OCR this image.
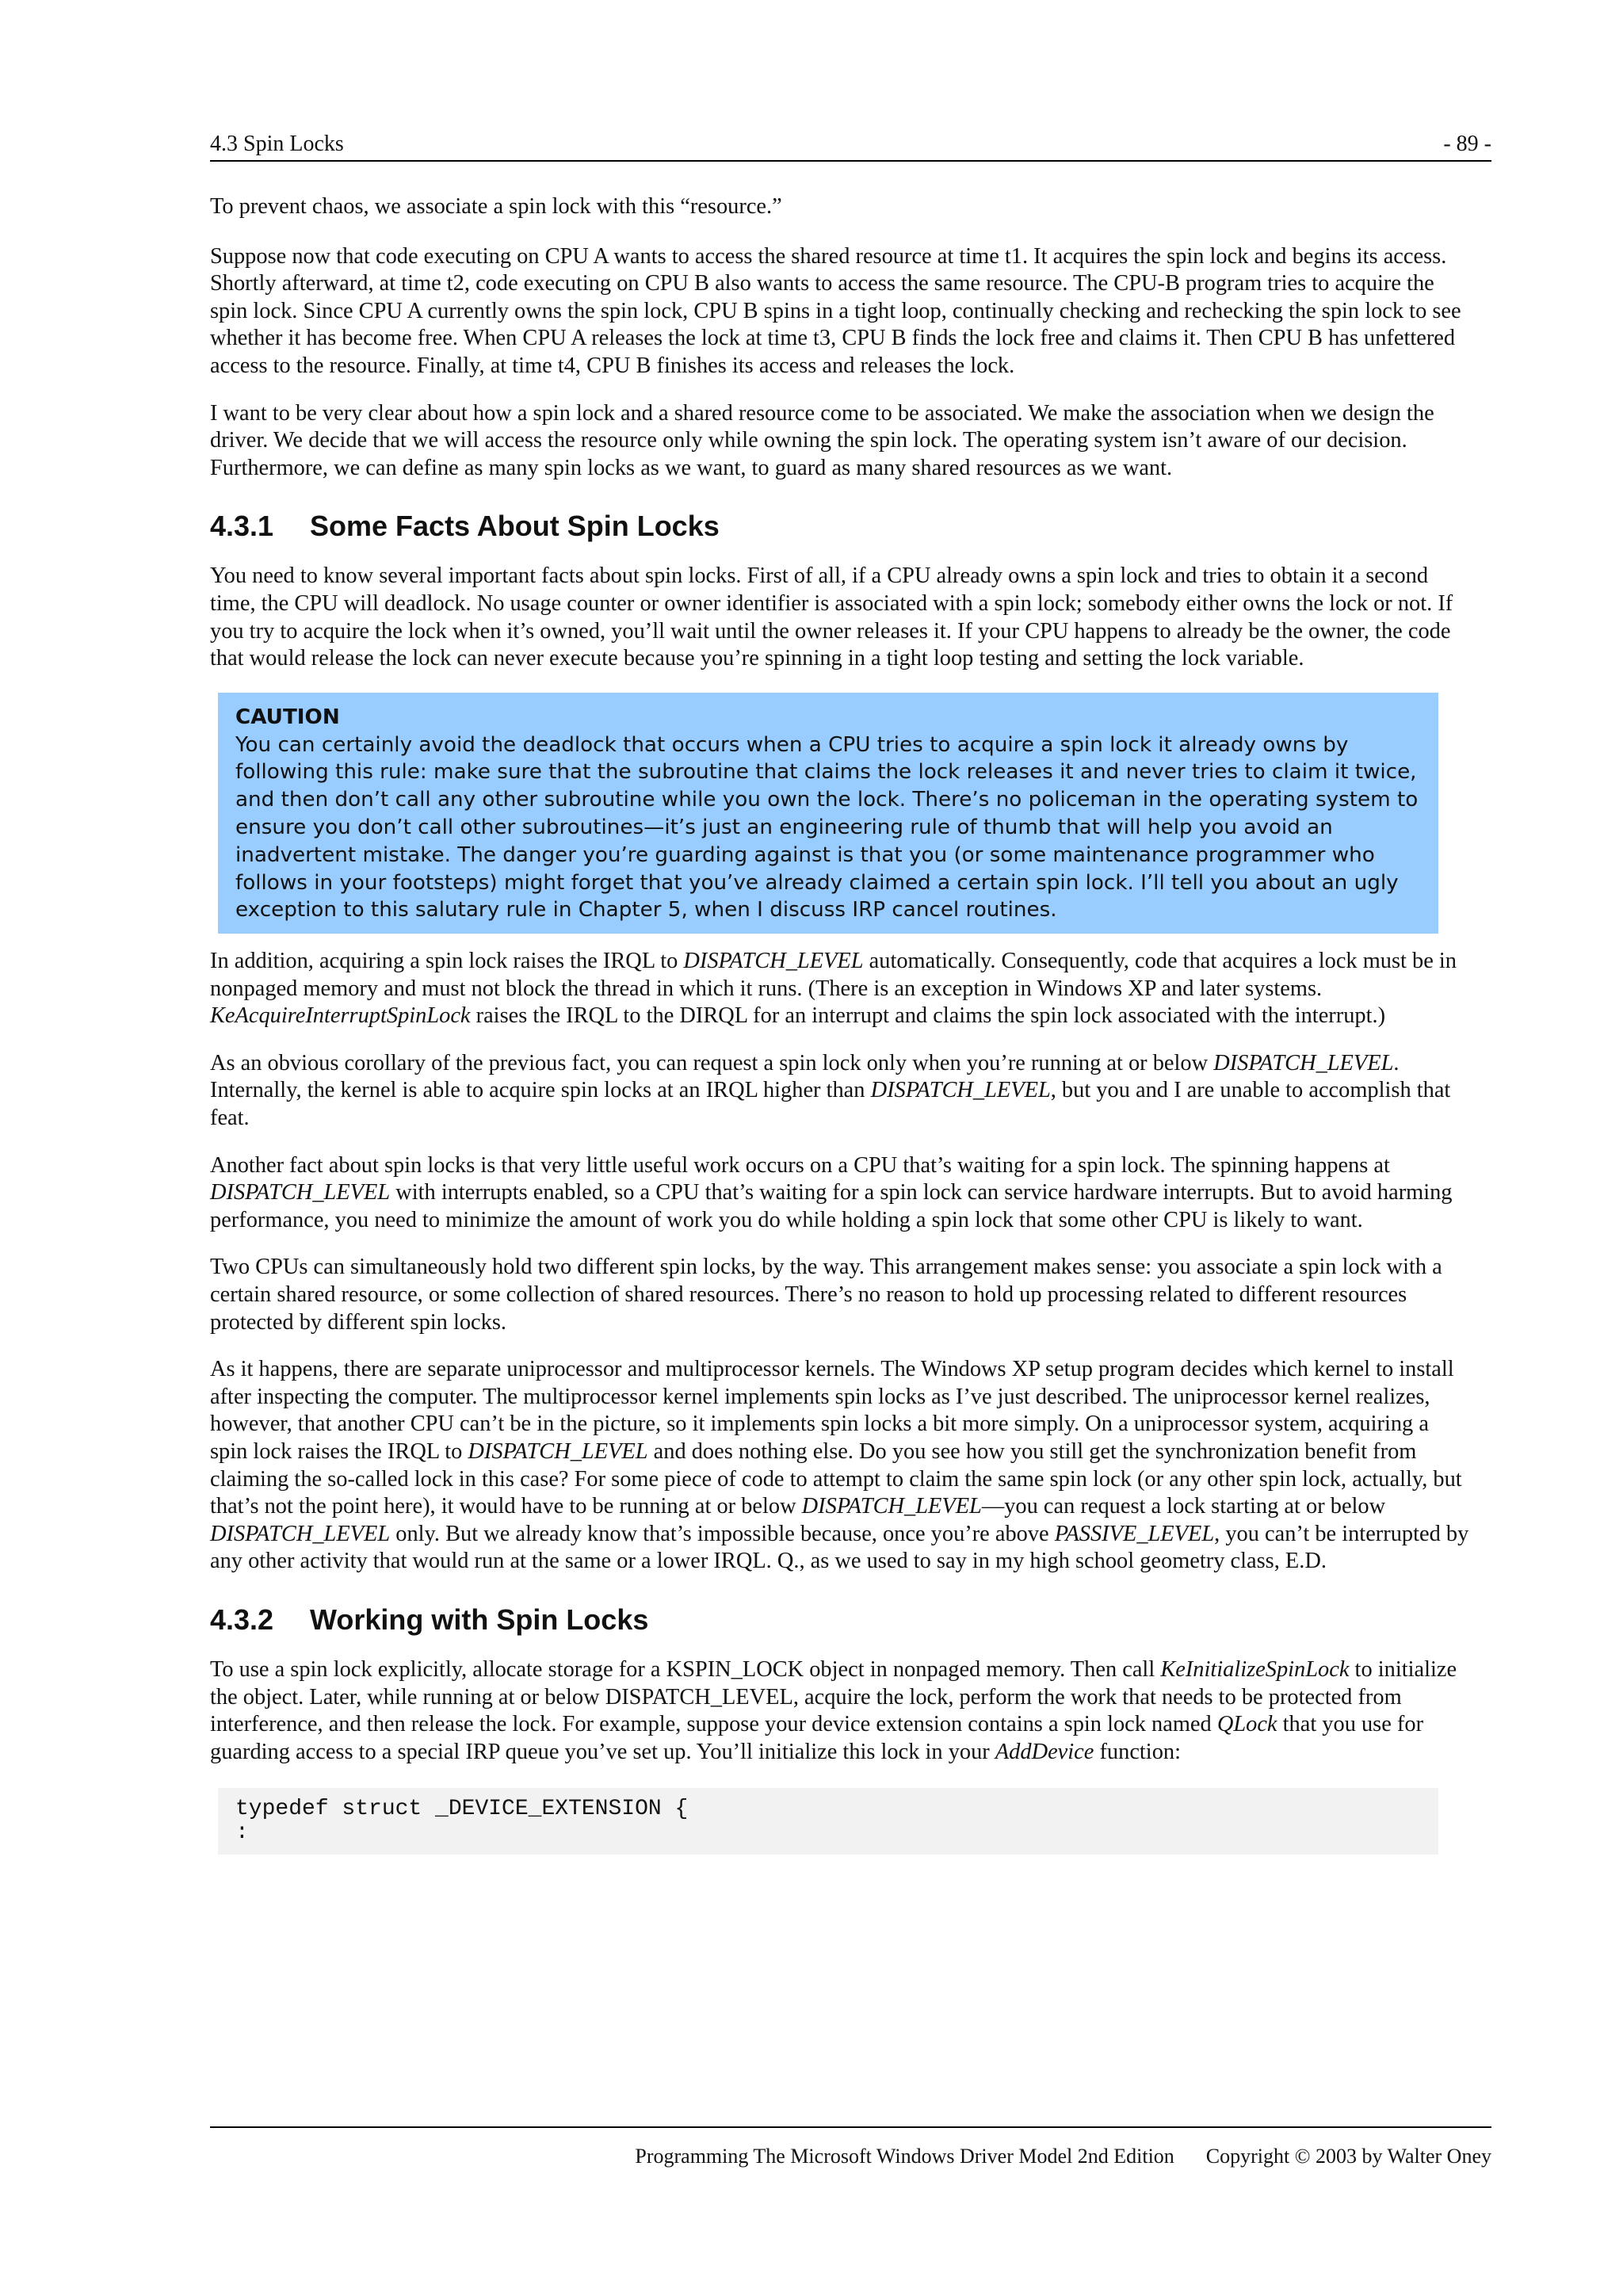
4.3 Spin Locks	- 89 -

To prevent chaos, we associate a spin lock with this “resource.”

Suppose now that code executing on CPU A wants to access the shared resource at time t1. It acquires the spin lock and begins its access. Shortly afterward, at time t2, code executing on CPU B also wants to access the same resource. The CPU-B program tries to acquire the spin lock. Since CPU A currently owns the spin lock, CPU B spins in a tight loop, continually checking and rechecking the spin lock to see whether it has become free. When CPU A releases the lock at time t3, CPU B finds the lock free and claims it. Then CPU B has unfettered access to the resource. Finally, at time t4, CPU B finishes its access and releases the lock.

I want to be very clear about how a spin lock and a shared resource come to be associated. We make the association when we design the driver. We decide that we will access the resource only while owning the spin lock. The operating system isn’t aware of our decision. Furthermore, we can define as many spin locks as we want, to guard as many shared resources as we want.

4.3.1 Some Facts About Spin Locks

You need to know several important facts about spin locks. First of all, if a CPU already owns a spin lock and tries to obtain it a second time, the CPU will deadlock. No usage counter or owner identifier is associated with a spin lock; somebody either owns the lock or not. If you try to acquire the lock when it’s owned, you’ll wait until the owner releases it. If your CPU happens to already be the owner, the code that would release the lock can never execute because you’re spinning in a tight loop testing and setting the lock variable.

CAUTION
You can certainly avoid the deadlock that occurs when a CPU tries to acquire a spin lock it already owns by following this rule: make sure that the subroutine that claims the lock releases it and never tries to claim it twice, and then don’t call any other subroutine while you own the lock. There’s no policeman in the operating system to ensure you don’t call other subroutines—it’s just an engineering rule of thumb that will help you avoid an inadvertent mistake. The danger you’re guarding against is that you (or some maintenance programmer who follows in your footsteps) might forget that you’ve already claimed a certain spin lock. I’ll tell you about an ugly exception to this salutary rule in Chapter 5, when I discuss IRP cancel routines.

In addition, acquiring a spin lock raises the IRQL to DISPATCH_LEVEL automatically. Consequently, code that acquires a lock must be in nonpaged memory and must not block the thread in which it runs. (There is an exception in Windows XP and later systems. KeAcquireInterruptSpinLock raises the IRQL to the DIRQL for an interrupt and claims the spin lock associated with the interrupt.)

As an obvious corollary of the previous fact, you can request a spin lock only when you’re running at or below DISPATCH_LEVEL. Internally, the kernel is able to acquire spin locks at an IRQL higher than DISPATCH_LEVEL, but you and I are unable to accomplish that feat.

Another fact about spin locks is that very little useful work occurs on a CPU that’s waiting for a spin lock. The spinning happens at DISPATCH_LEVEL with interrupts enabled, so a CPU that’s waiting for a spin lock can service hardware interrupts. But to avoid harming performance, you need to minimize the amount of work you do while holding a spin lock that some other CPU is likely to want.

Two CPUs can simultaneously hold two different spin locks, by the way. This arrangement makes sense: you associate a spin lock with a certain shared resource, or some collection of shared resources. There’s no reason to hold up processing related to different resources protected by different spin locks.

As it happens, there are separate uniprocessor and multiprocessor kernels. The Windows XP setup program decides which kernel to install after inspecting the computer. The multiprocessor kernel implements spin locks as I’ve just described. The uniprocessor kernel realizes, however, that another CPU can’t be in the picture, so it implements spin locks a bit more simply. On a uniprocessor system, acquiring a spin lock raises the IRQL to DISPATCH_LEVEL and does nothing else. Do you see how you still get the synchronization benefit from claiming the so-called lock in this case? For some piece of code to attempt to claim the same spin lock (or any other spin lock, actually, but that’s not the point here), it would have to be running at or below DISPATCH_LEVEL—you can request a lock starting at or below DISPATCH_LEVEL only. But we already know that’s impossible because, once you’re above PASSIVE_LEVEL, you can’t be interrupted by any other activity that would run at the same or a lower IRQL. Q., as we used to say in my high school geometry class, E.D.

4.3.2 Working with Spin Locks

To use a spin lock explicitly, allocate storage for a KSPIN_LOCK object in nonpaged memory. Then call KeInitializeSpinLock to initialize the object. Later, while running at or below DISPATCH_LEVEL, acquire the lock, perform the work that needs to be protected from interference, and then release the lock. For example, suppose your device extension contains a spin lock named QLock that you use for guarding access to a special IRP queue you’ve set up. You’ll initialize this lock in your AddDevice function:

typedef struct _DEVICE_EXTENSION {
:
Programming The Microsoft Windows Driver Model 2nd Edition Copyright © 2003 by Walter Oney
